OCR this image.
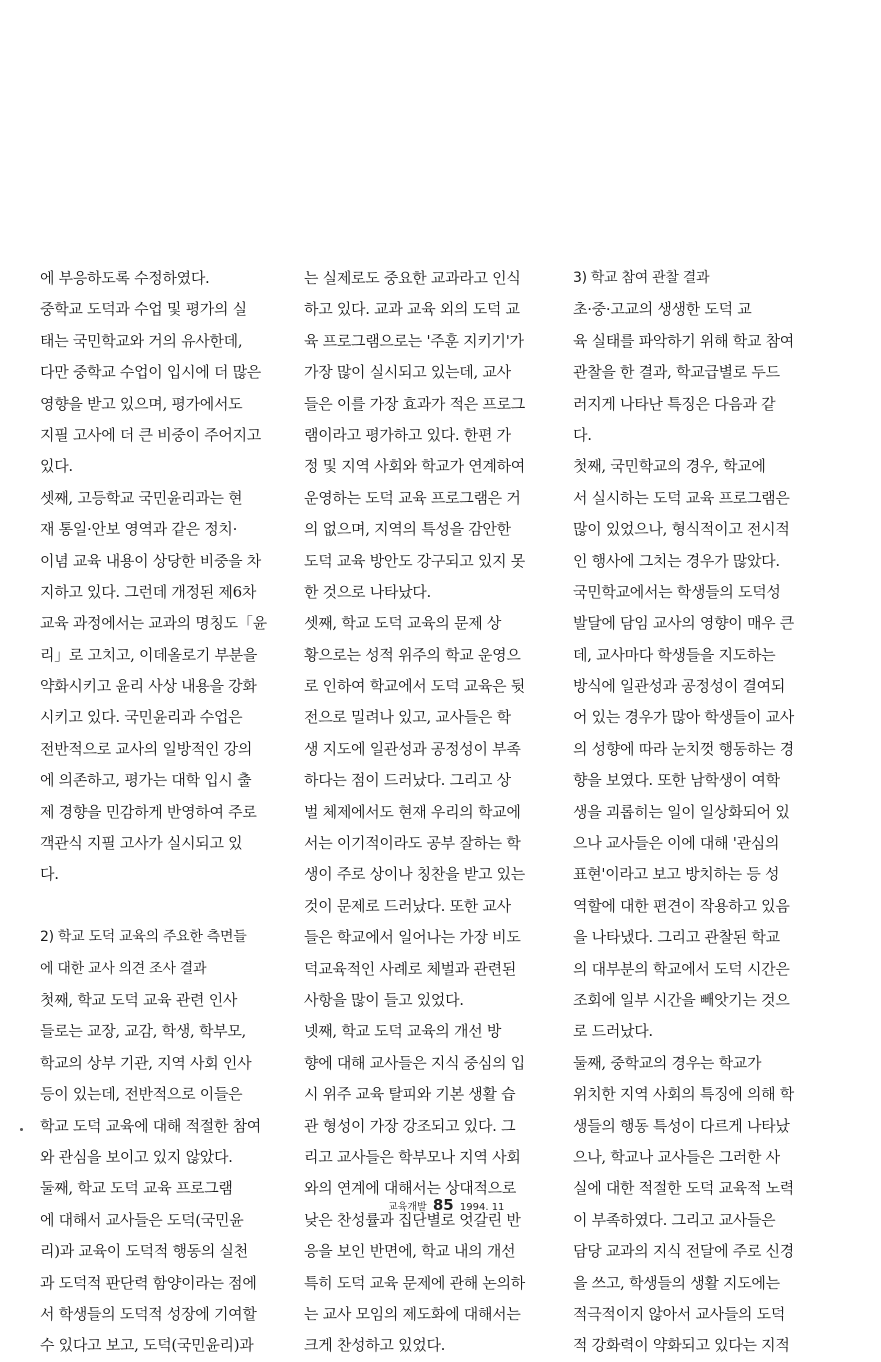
에 부응하도록 수정하였다.
중학교 도덕과 수업 및 평가의 실
태는 국민학교와 거의 유사한데,
다만 중학교 수업이 입시에 더 많은
영향을 받고 있으며, 평가에서도
지필 고사에 더 큰 비중이 주어지고
있다.
셋째, 고등학교 국민윤리과는 현
재 통일·안보 영역과 같은 정치·
이념 교육 내용이 상당한 비중을 차
지하고 있다. 그런데 개정된 제6차
교육 과정에서는 교과의 명칭도「윤
리」로 고치고, 이데올로기 부분을
약화시키고 윤리 사상 내용을 강화
시키고 있다. 국민윤리과 수업은
전반적으로 교사의 일방적인 강의
에 의존하고, 평가는 대학 입시 출
제 경향을 민감하게 반영하여 주로
객관식 지필 고사가 실시되고 있
다.
2) 학교 도덕 교육의 주요한 측면들
에 대한 교사 의견 조사 결과
첫째, 학교 도덕 교육 관련 인사
들로는 교장, 교감, 학생, 학부모,
학교의 상부 기관, 지역 사회 인사
등이 있는데, 전반적으로 이들은
학교 도덕 교육에 대해 적절한 참여
와 관심을 보이고 있지 않았다.
둘째, 학교 도덕 교육 프로그램
에 대해서 교사들은 도덕(국민윤
리)과 교육이 도덕적 행동의 실천
과 도덕적 판단력 함양이라는 점에
서 학생들의 도덕적 성장에 기여할
수 있다고 보고, 도덕(국민윤리)과
는 실제로도 중요한 교과라고 인식
하고 있다. 교과 교육 외의 도덕 교
육 프로그램으로는 '주훈 지키기'가
가장 많이 실시되고 있는데, 교사
들은 이를 가장 효과가 적은 프로그
램이라고 평가하고 있다. 한편 가
정 및 지역 사회와 학교가 연계하여
운영하는 도덕 교육 프로그램은 거
의 없으며, 지역의 특성을 감안한
도덕 교육 방안도 강구되고 있지 못
한 것으로 나타났다.
셋째, 학교 도덕 교육의 문제 상
황으로는 성적 위주의 학교 운영으
로 인하여 학교에서 도덕 교육은 뒷
전으로 밀려나 있고, 교사들은 학
생 지도에 일관성과 공정성이 부족
하다는 점이 드러났다. 그리고 상
벌 체제에서도 현재 우리의 학교에
서는 이기적이라도 공부 잘하는 학
생이 주로 상이나 칭찬을 받고 있는
것이 문제로 드러났다. 또한 교사
들은 학교에서 일어나는 가장 비도
덕교육적인 사례로 체벌과 관련된
사항을 많이 들고 있었다.
넷째, 학교 도덕 교육의 개선 방
향에 대해 교사들은 지식 중심의 입
시 위주 교육 탈피와 기본 생활 습
관 형성이 가장 강조되고 있다. 그
리고 교사들은 학부모나 지역 사회
와의 연계에 대해서는 상대적으로
낮은 찬성률과 집단별로 엇갈린 반
응을 보인 반면에, 학교 내의 개선
특히 도덕 교육 문제에 관해 논의하
는 교사 모임의 제도화에 대해서는
크게 찬성하고 있었다.
3) 학교 참여 관찰 결과
초·중·고교의 생생한 도덕 교
육 실태를 파악하기 위해 학교 참여
관찰을 한 결과, 학교급별로 두드
러지게 나타난 특징은 다음과 같
다.
첫째, 국민학교의 경우, 학교에
서 실시하는 도덕 교육 프로그램은
많이 있었으나, 형식적이고 전시적
인 행사에 그치는 경우가 많았다.
국민학교에서는 학생들의 도덕성
발달에 담임 교사의 영향이 매우 큰
데, 교사마다 학생들을 지도하는
방식에 일관성과 공정성이 결여되
어 있는 경우가 많아 학생들이 교사
의 성향에 따라 눈치껏 행동하는 경
향을 보였다. 또한 남학생이 여학
생을 괴롭히는 일이 일상화되어 있
으나 교사들은 이에 대해 '관심의
표현'이라고 보고 방치하는 등 성
역할에 대한 편견이 작용하고 있음
을 나타냈다. 그리고 관찰된 학교
의 대부분의 학교에서 도덕 시간은
조회에 일부 시간을 빼앗기는 것으
로 드러났다.
둘째, 중학교의 경우는 학교가
위치한 지역 사회의 특징에 의해 학
생들의 행동 특성이 다르게 나타났
으나, 학교나 교사들은 그러한 사
실에 대한 적절한 도덕 교육적 노력
이 부족하였다. 그리고 교사들은
담당 교과의 지식 전달에 주로 신경
을 쓰고, 학생들의 생활 지도에는
적극적이지 않아서 교사들의 도덕
적 강화력이 약화되고 있다는 지적
교육개발 85 1994. 11
